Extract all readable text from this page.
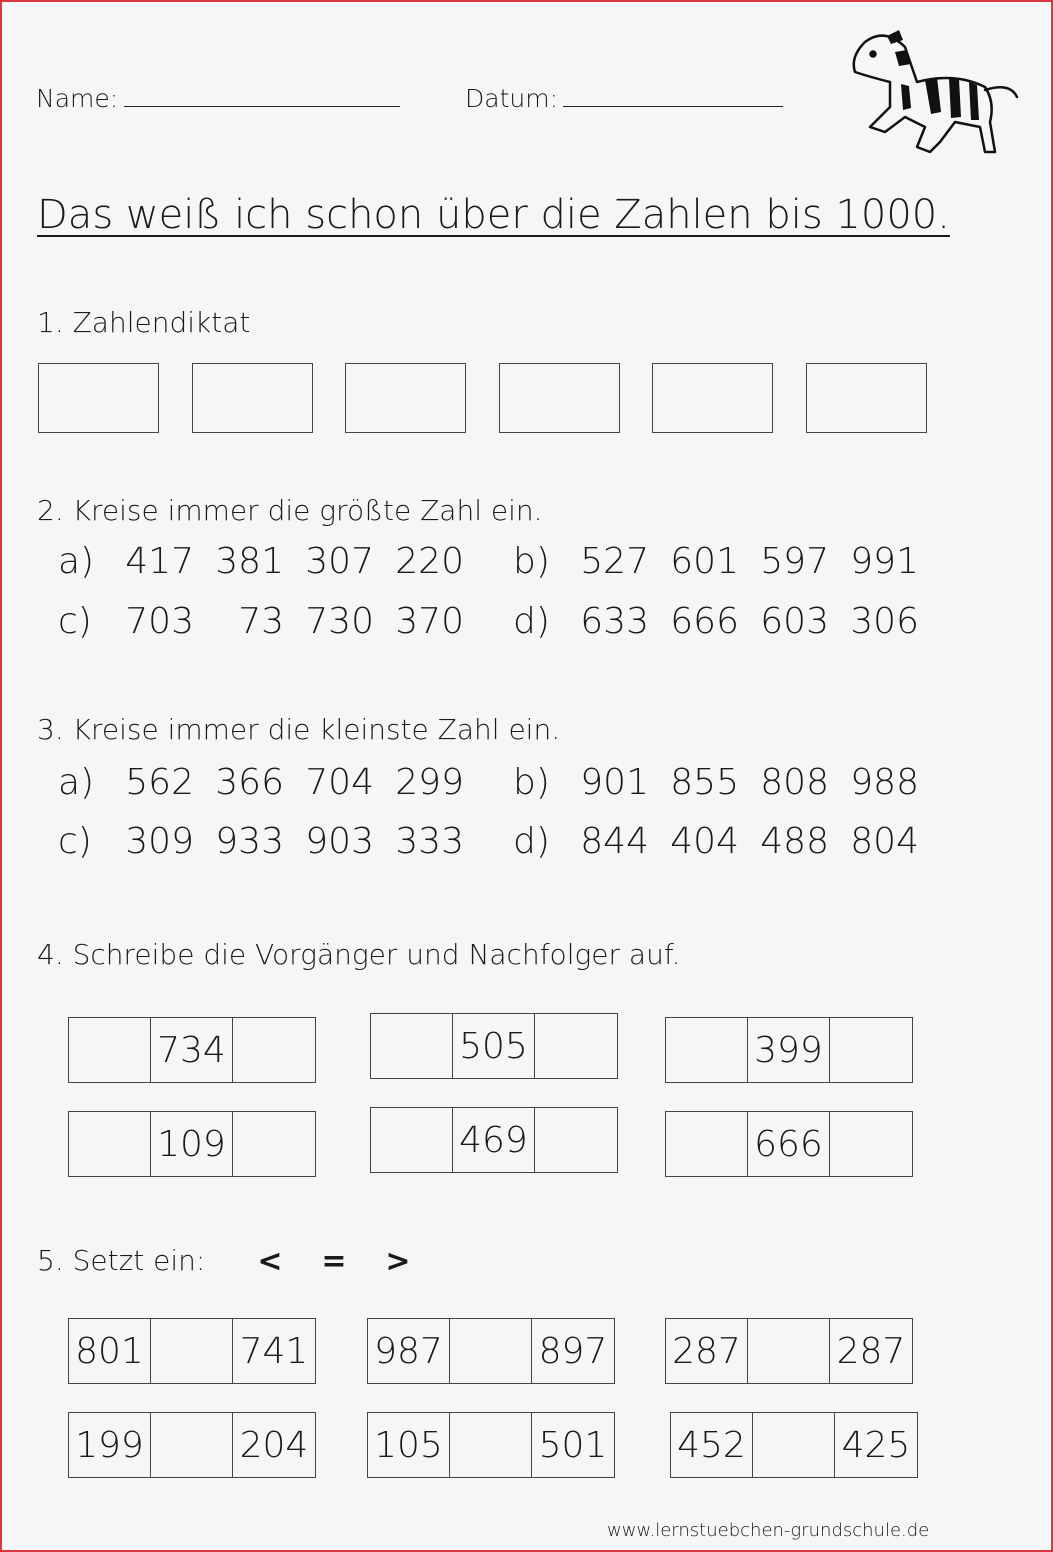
Name:	Datum:
Das weiß ich schon über die Zahlen bis 1000.
1. Zahlendiktat
2. Kreise immer die größte Zahl ein.
a) 417 381 307 220 b) 527 601 597 991
c) 703 73 730 370 d) 633 666 603 306
3. Kreise immer die kleinste Zahl ein.
a) 562 366 704 299 b) 901 855 808 988
c) 309 933 903 333 d) 844 404 488 804
4. Schreibe die Vorgänger und Nachfolger auf.
734	505	399
109	469	666
5. Setzt ein:	< = >
801	741 987	897 287	287
199	204 105	501 452	425
www.lernstuebchen-grundschule.de
